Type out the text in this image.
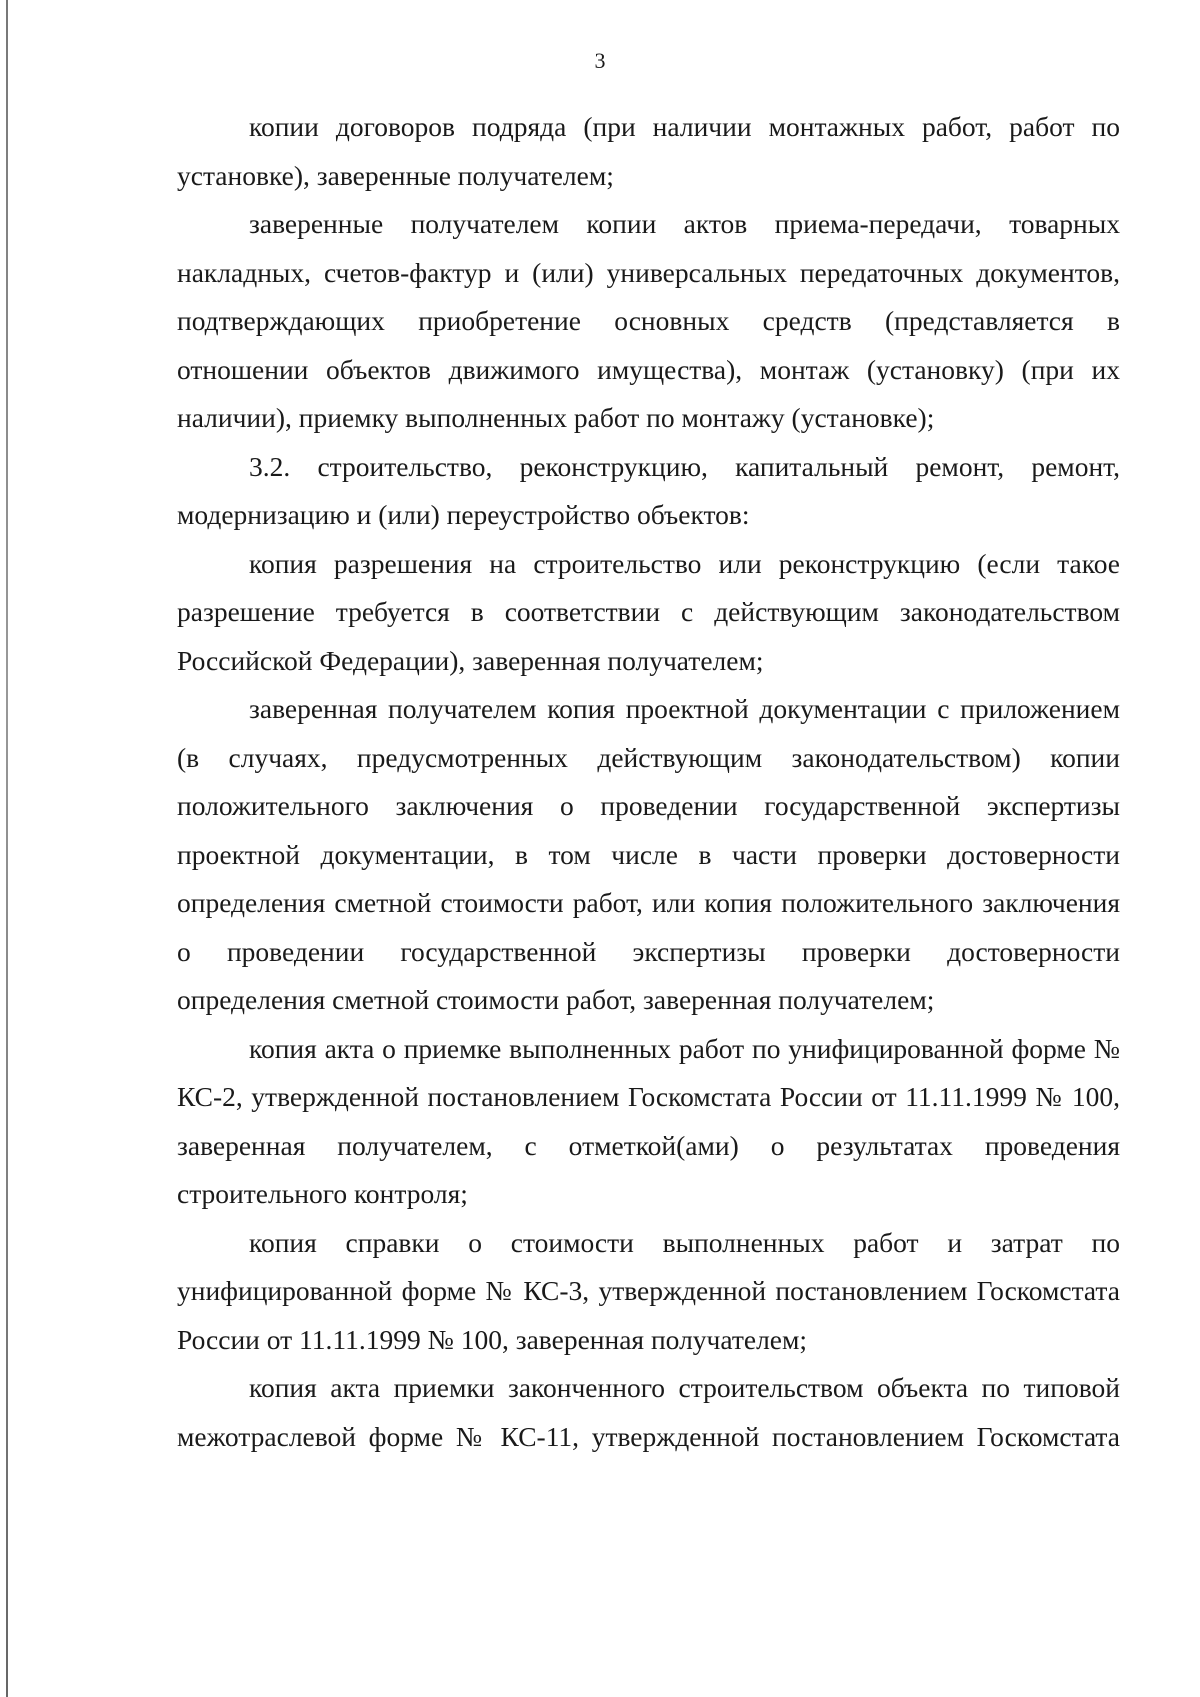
3

копии договоров подряда (при наличии монтажных работ, работ по установке), заверенные получателем;

заверенные получателем копии актов приема-передачи, товарных накладных, счетов-фактур и (или) универсальных передаточных документов, подтверждающих приобретение основных средств (представляется в отношении объектов движимого имущества), монтаж (установку) (при их наличии), приемку выполненных работ по монтажу (установке);

3.2. строительство, реконструкцию, капитальный ремонт, ремонт, модернизацию и (или) переустройство объектов:

копия разрешения на строительство или реконструкцию (если такое разрешение требуется в соответствии с действующим законодательством Российской Федерации), заверенная получателем;

заверенная получателем копия проектной документации с приложением (в случаях, предусмотренных действующим законодательством) копии положительного заключения о проведении государственной экспертизы проектной документации, в том числе в части проверки достоверности определения сметной стоимости работ, или копия положительного заключения о проведении государственной экспертизы проверки достоверности определения сметной стоимости работ, заверенная получателем;

копия акта о приемке выполненных работ по унифицированной форме № КС-2, утвержденной постановлением Госкомстата России от 11.11.1999 № 100, заверенная получателем, с отметкой(ами) о результатах проведения строительного контроля;

копия справки о стоимости выполненных работ и затрат по унифицированной форме № КС-3, утвержденной постановлением Госкомстата России от 11.11.1999 № 100, заверенная получателем;

копия акта приемки законченного строительством объекта по типовой межотраслевой форме № КС-11, утвержденной постановлением Госкомстата
